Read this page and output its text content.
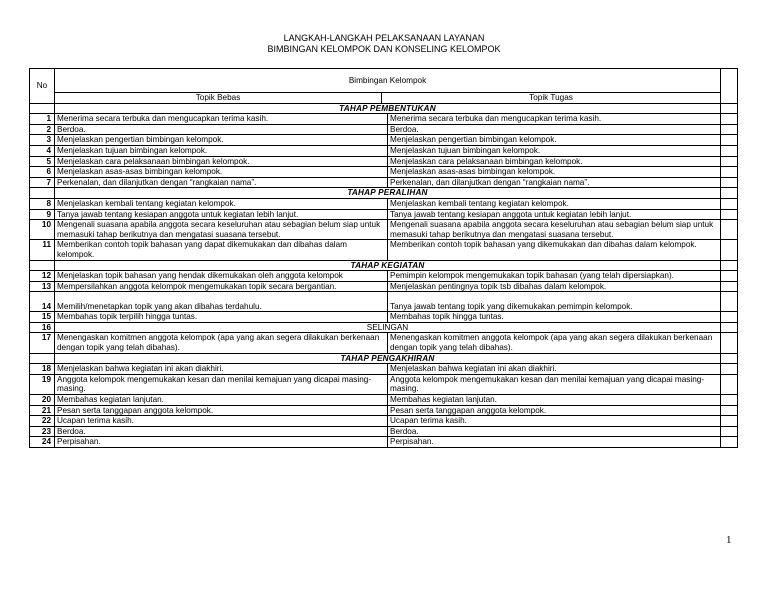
LANGKAH-LANGKAH PELAKSANAAN LAYANAN
BIMBINGAN KELOMPOK DAN KONSELING KELOMPOK
No	Bimbingan Kelompok			
	Topik Bebas	Topik Tugas		
	TAHAP PEMBENTUKAN			
1	Menerima secara terbuka dan mengucapkan terima kasih.		Menerima secara terbuka dan mengucapkan terima kasih.	
2	Berdoa.		Berdoa.	
3	Menjelaskan pengertian bimbingan kelompok.		Menjelaskan pengertian bimbingan kelompok.	
4	Menjelaskan tujuan bimbingan kelompok.		Menjelaskan tujuan bimbingan kelompok.	
5	Menjelaskan cara pelaksanaan bimbingan kelompok.		Menjelaskan cara pelaksanaan bimbingan kelompok.	
6	Menjelaskan asas-asas bimbingan kelompok.		Menjelaskan asas-asas bimbingan kelompok.	
7	Perkenalan, dan dilanjutkan dengan “rangkaian nama”.		Perkenalan, dan dilanjutkan dengan “rangkaian nama”.	
	TAHAP PERALIHAN			
8	Menjelaskan kembali tentang kegiatan kelompok.		Menjelaskan kembali tentang kegiatan kelompok.	
9	Tanya jawab tentang kesiapan anggota untuk kegiatan lebih lanjut.		Tanya jawab tentang kesiapan anggota untuk kegiatan lebih lanjut.	
10	Mengenali suasana apabila anggota secara keseluruhan atau sebagian belum siap untuk memasuki tahap berikutnya dan mengatasi suasana tersebut.		Mengenali suasana apabila anggota secara keseluruhan atau sebagian belum siap untuk memasuki tahap berikutnya dan mengatasi suasana tersebut.	
11	Memberikan contoh topik bahasan yang dapat dikemukakan dan dibahas dalam kelompok.		Memberikan contoh topik bahasan yang dikemukakan dan dibahas dalam kelompok.	
	TAHAP KEGIATAN			
12	Menjelaskan topik bahasan yang hendak dikemukakan oleh anggota kelompok		Pemimpin kelompok mengemukakan topik bahasan (yang telah dipersiapkan).	
13	Mempersilahkan anggota kelompok mengemukakan topik secara bergantian.		Menjelaskan pentingnya topik tsb dibahas dalam kelompok.	
14	Memilih/menetapkan topik yang akan dibahas terdahulu.		Tanya jawab tentang topik yang dikemukakan pemimpin kelompok.	
15	Membahas topik terpilih hingga tuntas.		Membahas topik hingga tuntas.	
16	SELINGAN			
17	Menengaskan komitmen anggota kelompok (apa yang akan segera dilakukan berkenaan dengan topik yang telah dibahas).		Menengaskan komitmen anggota kelompok (apa yang akan segera dilakukan berkenaan dengan topik yang telah dibahas).	
	TAHAP PENGAKHIRAN			
18	Menjelaskan bahwa kegiatan ini akan diakhiri.		Menjelaskan bahwa kegiatan ini akan diakhiri.	
19	Anggota kelompok mengemukakan kesan dan menilai kemajuan yang dicapai masing-masing.		Anggota kelompok mengemukakan kesan dan menilai kemajuan yang dicapai masing-masing.	
20	Membahas kegiatan lanjutan.		Membahas kegiatan lanjutan.	
21	Pesan serta tanggapan anggota kelompok.		Pesan serta tanggapan anggota kelompok.	
22	Ucapan terima kasih.		Ucapan terima kasih.	
23	Berdoa.		Berdoa.	
24	Perpisahan.		Perpisahan.	
1
